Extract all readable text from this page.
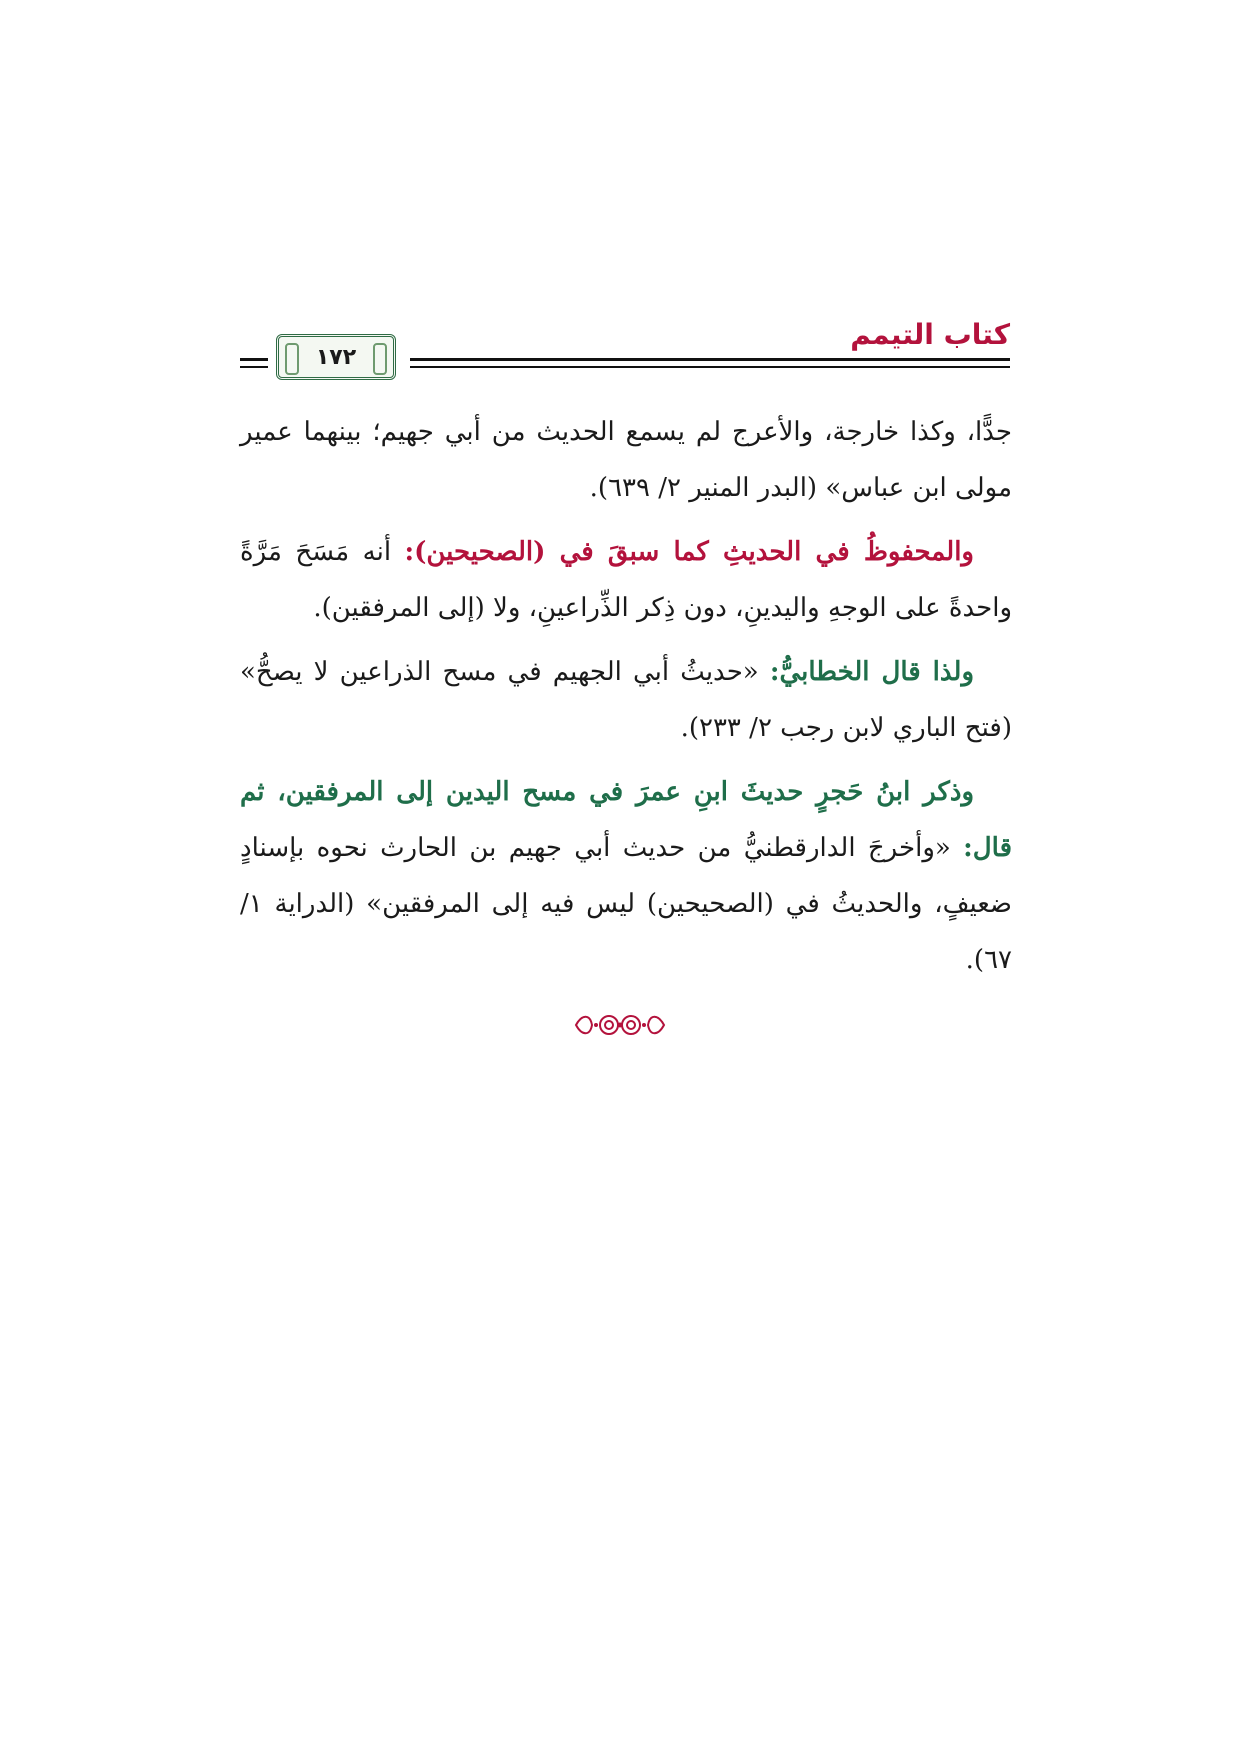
كتاب التيمم
١٧٢

جدًّا، وكذا خارجة، والأعرج لم يسمع الحديث من أبي جهيم؛ بينهما عمير مولى ابن عباس» (البدر المنير ٢/ ٦٣٩).

والمحفوظُ في الحديثِ كما سبقَ في (الصحيحين): أنه مَسَحَ مَرَّةً واحدةً على الوجهِ واليدينِ، دون ذِكر الذِّراعينِ، ولا (إلى المرفقين).

ولذا قال الخطابيُّ: «حديثُ أبي الجهيم في مسح الذراعين لا يصحُّ» (فتح الباري لابن رجب ٢/ ٢٣٣).

وذكر ابنُ حَجرٍ حديثَ ابنِ عمرَ في مسح اليدين إلى المرفقين، ثم قال: «وأخرجَ الدارقطنيُّ من حديث أبي جهيم بن الحارث نحوه بإسنادٍ ضعيفٍ، والحديثُ في (الصحيحين) ليس فيه إلى المرفقين» (الدراية ١/ ٦٧).
